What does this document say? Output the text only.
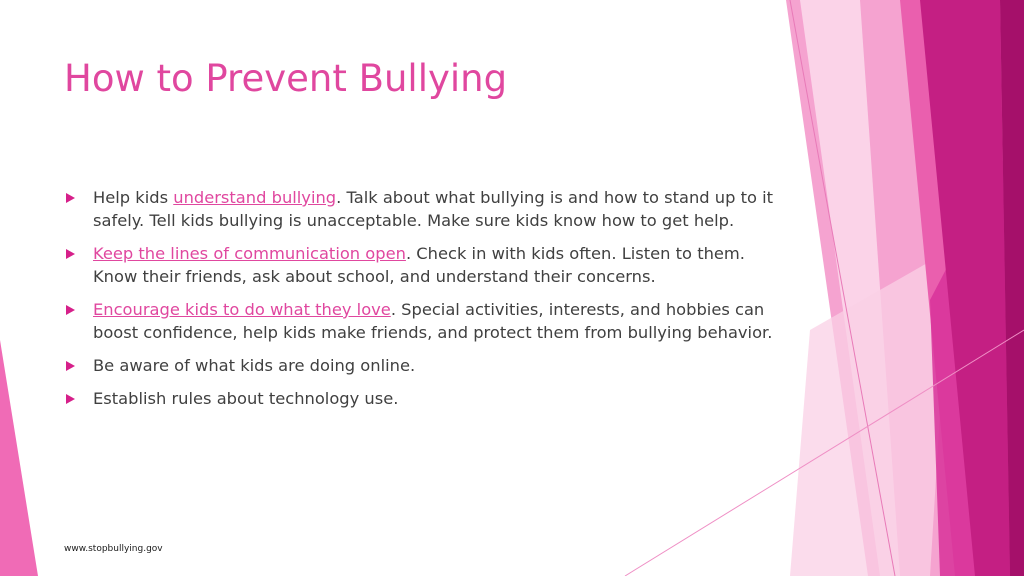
How to Prevent Bullying
Help kids understand bullying. Talk about what bullying is and how to stand up to it safely. Tell kids bullying is unacceptable. Make sure kids know how to get help.
Keep the lines of communication open. Check in with kids often. Listen to them. Know their friends, ask about school, and understand their concerns.
Encourage kids to do what they love. Special activities, interests, and hobbies can boost confidence, help kids make friends, and protect them from bullying behavior.
Be aware of what kids are doing online.
Establish rules about technology use.
www.stopbullying.gov
